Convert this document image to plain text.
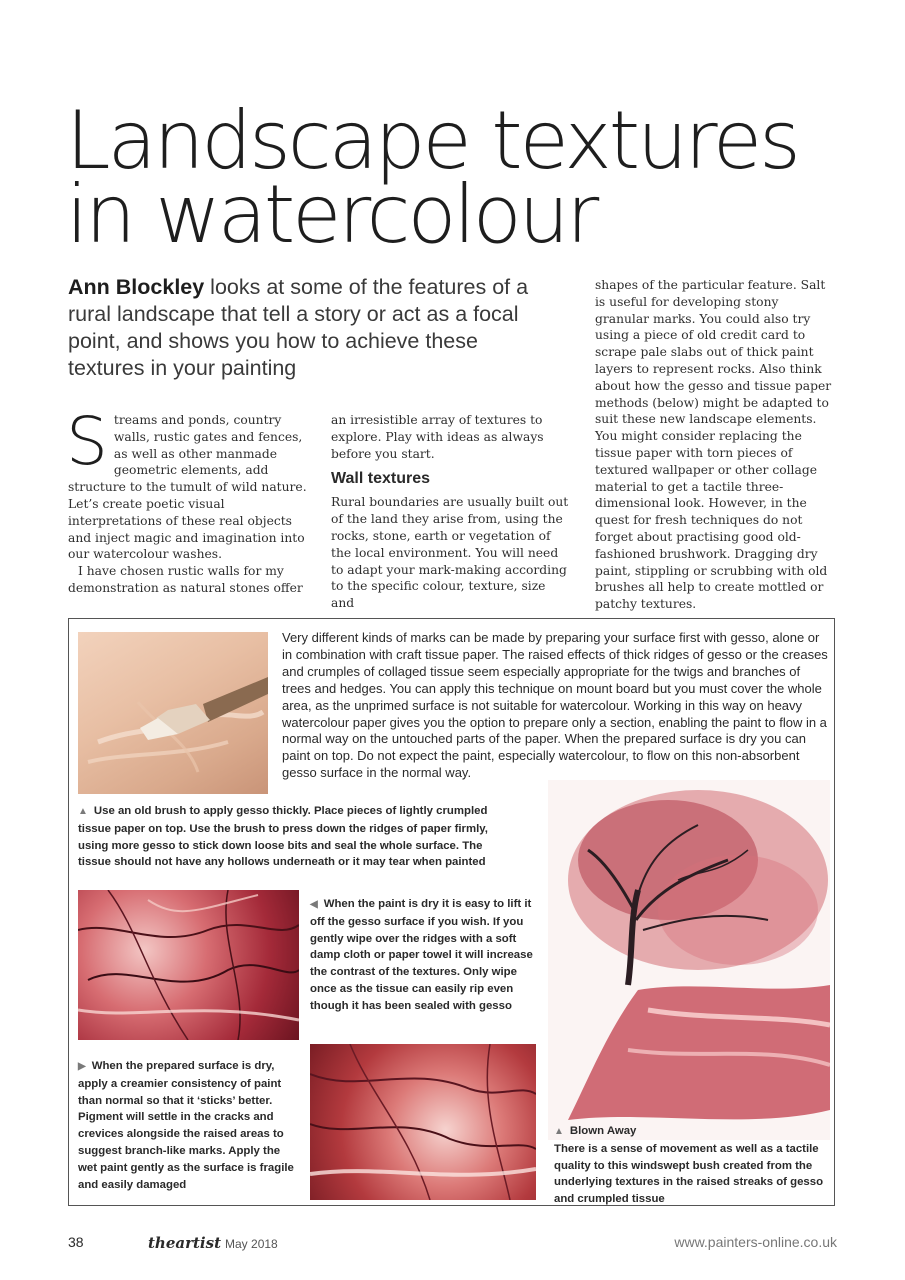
Landscape textures
in watercolour

Ann Blockley looks at some of the features of a rural landscape that tell a story or act as a focal point, and shows you how to achieve these textures in your painting

Streams and ponds, country walls, rustic gates and fences, as well as other manmade geometric elements, add structure to the tumult of wild nature. Let’s create poetic visual interpretations of these real objects and inject magic and imagination into our watercolour washes.

I have chosen rustic walls for my demonstration as natural stones offer

an irresistible array of textures to explore. Play with ideas as always before you start.

Wall textures

Rural boundaries are usually built out of the land they arise from, using the rocks, stone, earth or vegetation of the local environment. You will need to adapt your mark-making according to the specific colour, texture, size and

shapes of the particular feature. Salt is useful for developing stony granular marks. You could also try using a piece of old credit card to scrape pale slabs out of thick paint layers to represent rocks. Also think about how the gesso and tissue paper methods (below) might be adapted to suit these new landscape elements. You might consider replacing the tissue paper with torn pieces of textured wallpaper or other collage material to get a tactile three-dimensional look. However, in the quest for fresh techniques do not forget about practising good old-fashioned brushwork. Dragging dry paint, stippling or scrubbing with old brushes all help to create mottled or patchy textures.

Very different kinds of marks can be made by preparing your surface first with gesso, alone or in combination with craft tissue paper. The raised effects of thick ridges of gesso or the creases and crumples of collaged tissue seem especially appropriate for the twigs and branches of trees and hedges. You can apply this technique on mount board but you must cover the whole area, as the unprimed surface is not suitable for watercolour. Working in this way on heavy watercolour paper gives you the option to prepare only a section, enabling the paint to flow in a normal way on the untouched parts of the paper. When the prepared surface is dry you can paint on top. Do not expect the paint, especially watercolour, to flow on this non-absorbent gesso surface in the normal way.

▲ Use an old brush to apply gesso thickly. Place pieces of lightly crumpled tissue paper on top. Use the brush to press down the ridges of paper firmly, using more gesso to stick down loose bits and seal the whole surface. The tissue should not have any hollows underneath or it may tear when painted

◀ When the paint is dry it is easy to lift it off the gesso surface if you wish. If you gently wipe over the ridges with a soft damp cloth or paper towel it will increase the contrast of the textures. Only wipe once as the tissue can easily rip even though it has been sealed with gesso

▶ When the prepared surface is dry, apply a creamier consistency of paint than normal so that it ‘sticks’ better. Pigment will settle in the cracks and crevices alongside the raised areas to suggest branch-like marks. Apply the wet paint gently as the surface is fragile and easily damaged

▲ Blown Away
There is a sense of movement as well as a tactile quality to this windswept bush created from the underlying textures in the raised streaks of gesso and crumpled tissue

38	theartist May 2018	www.painters-online.co.uk
